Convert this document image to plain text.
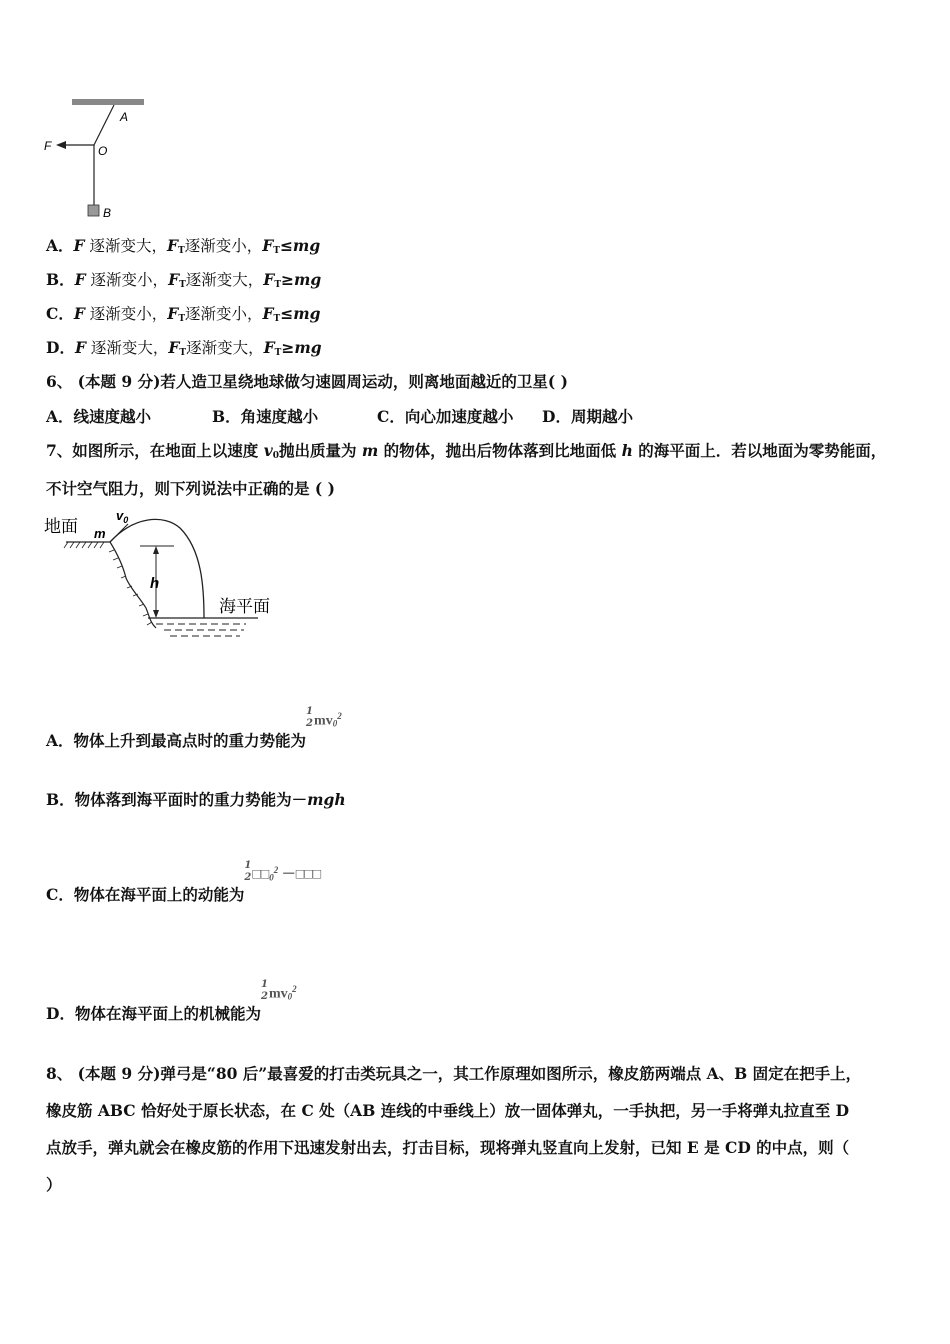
A
F	O
B
A．F 逐渐变大，$F_T$逐渐变小，$F_T\le mg$
B．F 逐渐变小，$F_T$逐渐变大，$F_T\ge mg$
C．F 逐渐变小，$F_T$逐渐变小，$F_T\le mg$
D．F 逐渐变大，$F_T$逐渐变大，$F_T\ge mg$
6、 (本题 9 分)若人造卫星绕地球做匀速圆周运动，则离地面越近的卫星( )
A．线速度越小	B．角速度越小	C．向心加速度越小 D．周期越小
7、如图所示，在地面上以速度 $v_0$抛出质量为 m 的物体，抛出后物体落到比地面低 h 的海平面上．若以地面为零势能面，
不计空气阻力，则下列说法中正确的是 ( )
地面 m
$v_0$
h
海平面
A．物体上升到最高点时的重力势能为
1
2 $mv_0^2$
B．物体落到海平面时的重力势能为－mgh
C．物体在海平面上的动能为
1
2 $□□_0^2$ －□□□
D．物体在海平面上的机械能为
1
2 $mv_0^2$
8、 (本题 9 分)弹弓是“80 后”最喜爱的打击类玩具之一，其工作原理如图所示，橡皮筋两端点 A、B 固定在把手上，
橡皮筋 ABC 恰好处于原长状态，在 C 处（AB 连线的中垂线上）放一固体弹丸，一手执把，另一手将弹丸拉直至 D
点放手，弹丸就会在橡皮筋的作用下迅速发射出去，打击目标，现将弹丸竖直向上发射，已知 E 是 CD 的中点，则（
）
